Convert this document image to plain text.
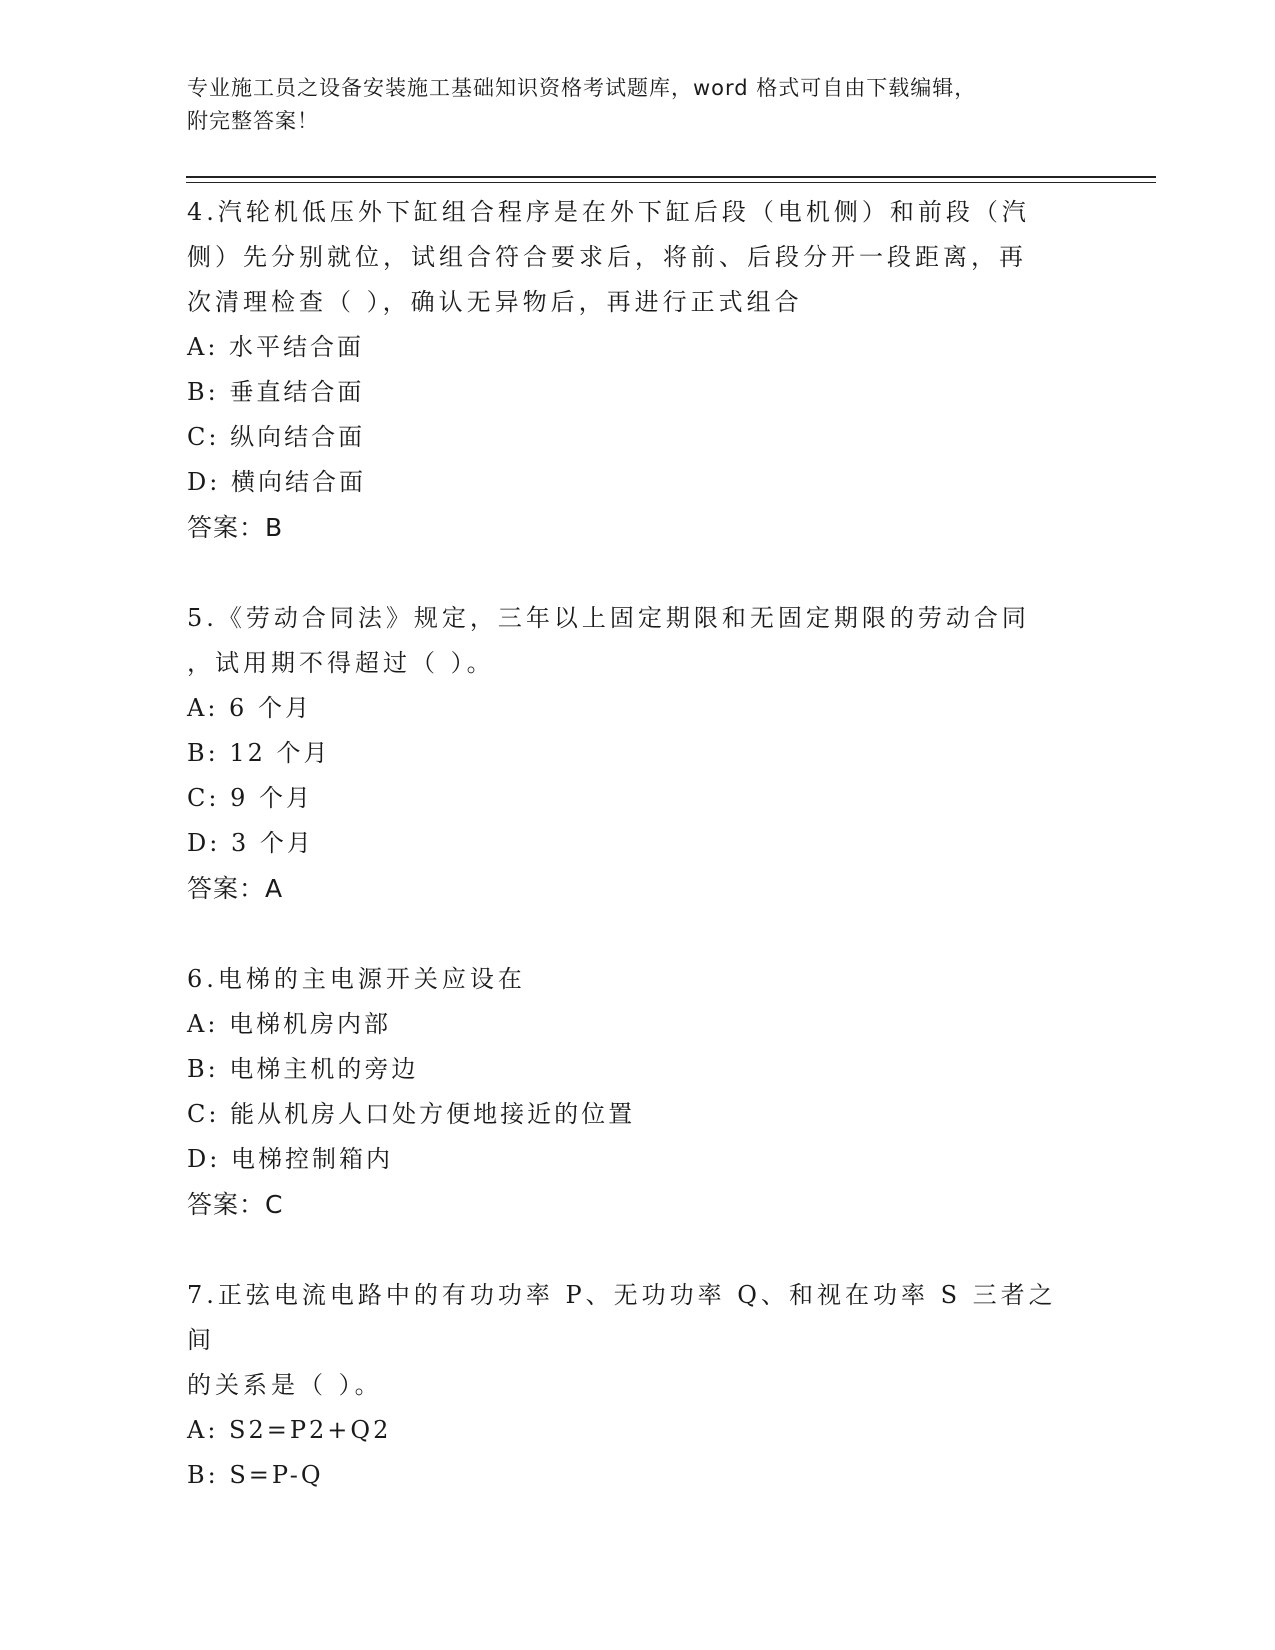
专业施工员之设备安装施工基础知识资格考试题库，word 格式可自由下载编辑，
附完整答案！

4.汽轮机低压外下缸组合程序是在外下缸后段（电机侧）和前段（汽

侧）先分别就位，试组合符合要求后，将前、后段分开一段距离，再

次清理检查（ ），确认无异物后，再进行正式组合

A: 水平结合面

B: 垂直结合面

C: 纵向结合面

D: 横向结合面

答案：B

5.《劳动合同法》规定，三年以上固定期限和无固定期限的劳动合同

，试用期不得超过（ ）。

A: 6 个月

B: 12 个月

C: 9 个月

D: 3 个月

答案：A

6.电梯的主电源开关应设在

A: 电梯机房内部

B: 电梯主机的旁边

C: 能从机房人口处方便地接近的位置

D: 电梯控制箱内

答案：C

7.正弦电流电路中的有功功率 P、无功功率 Q、和视在功率 S 三者之间

的关系是（ ）。

A: S2=P2+Q2

B: S=P-Q
